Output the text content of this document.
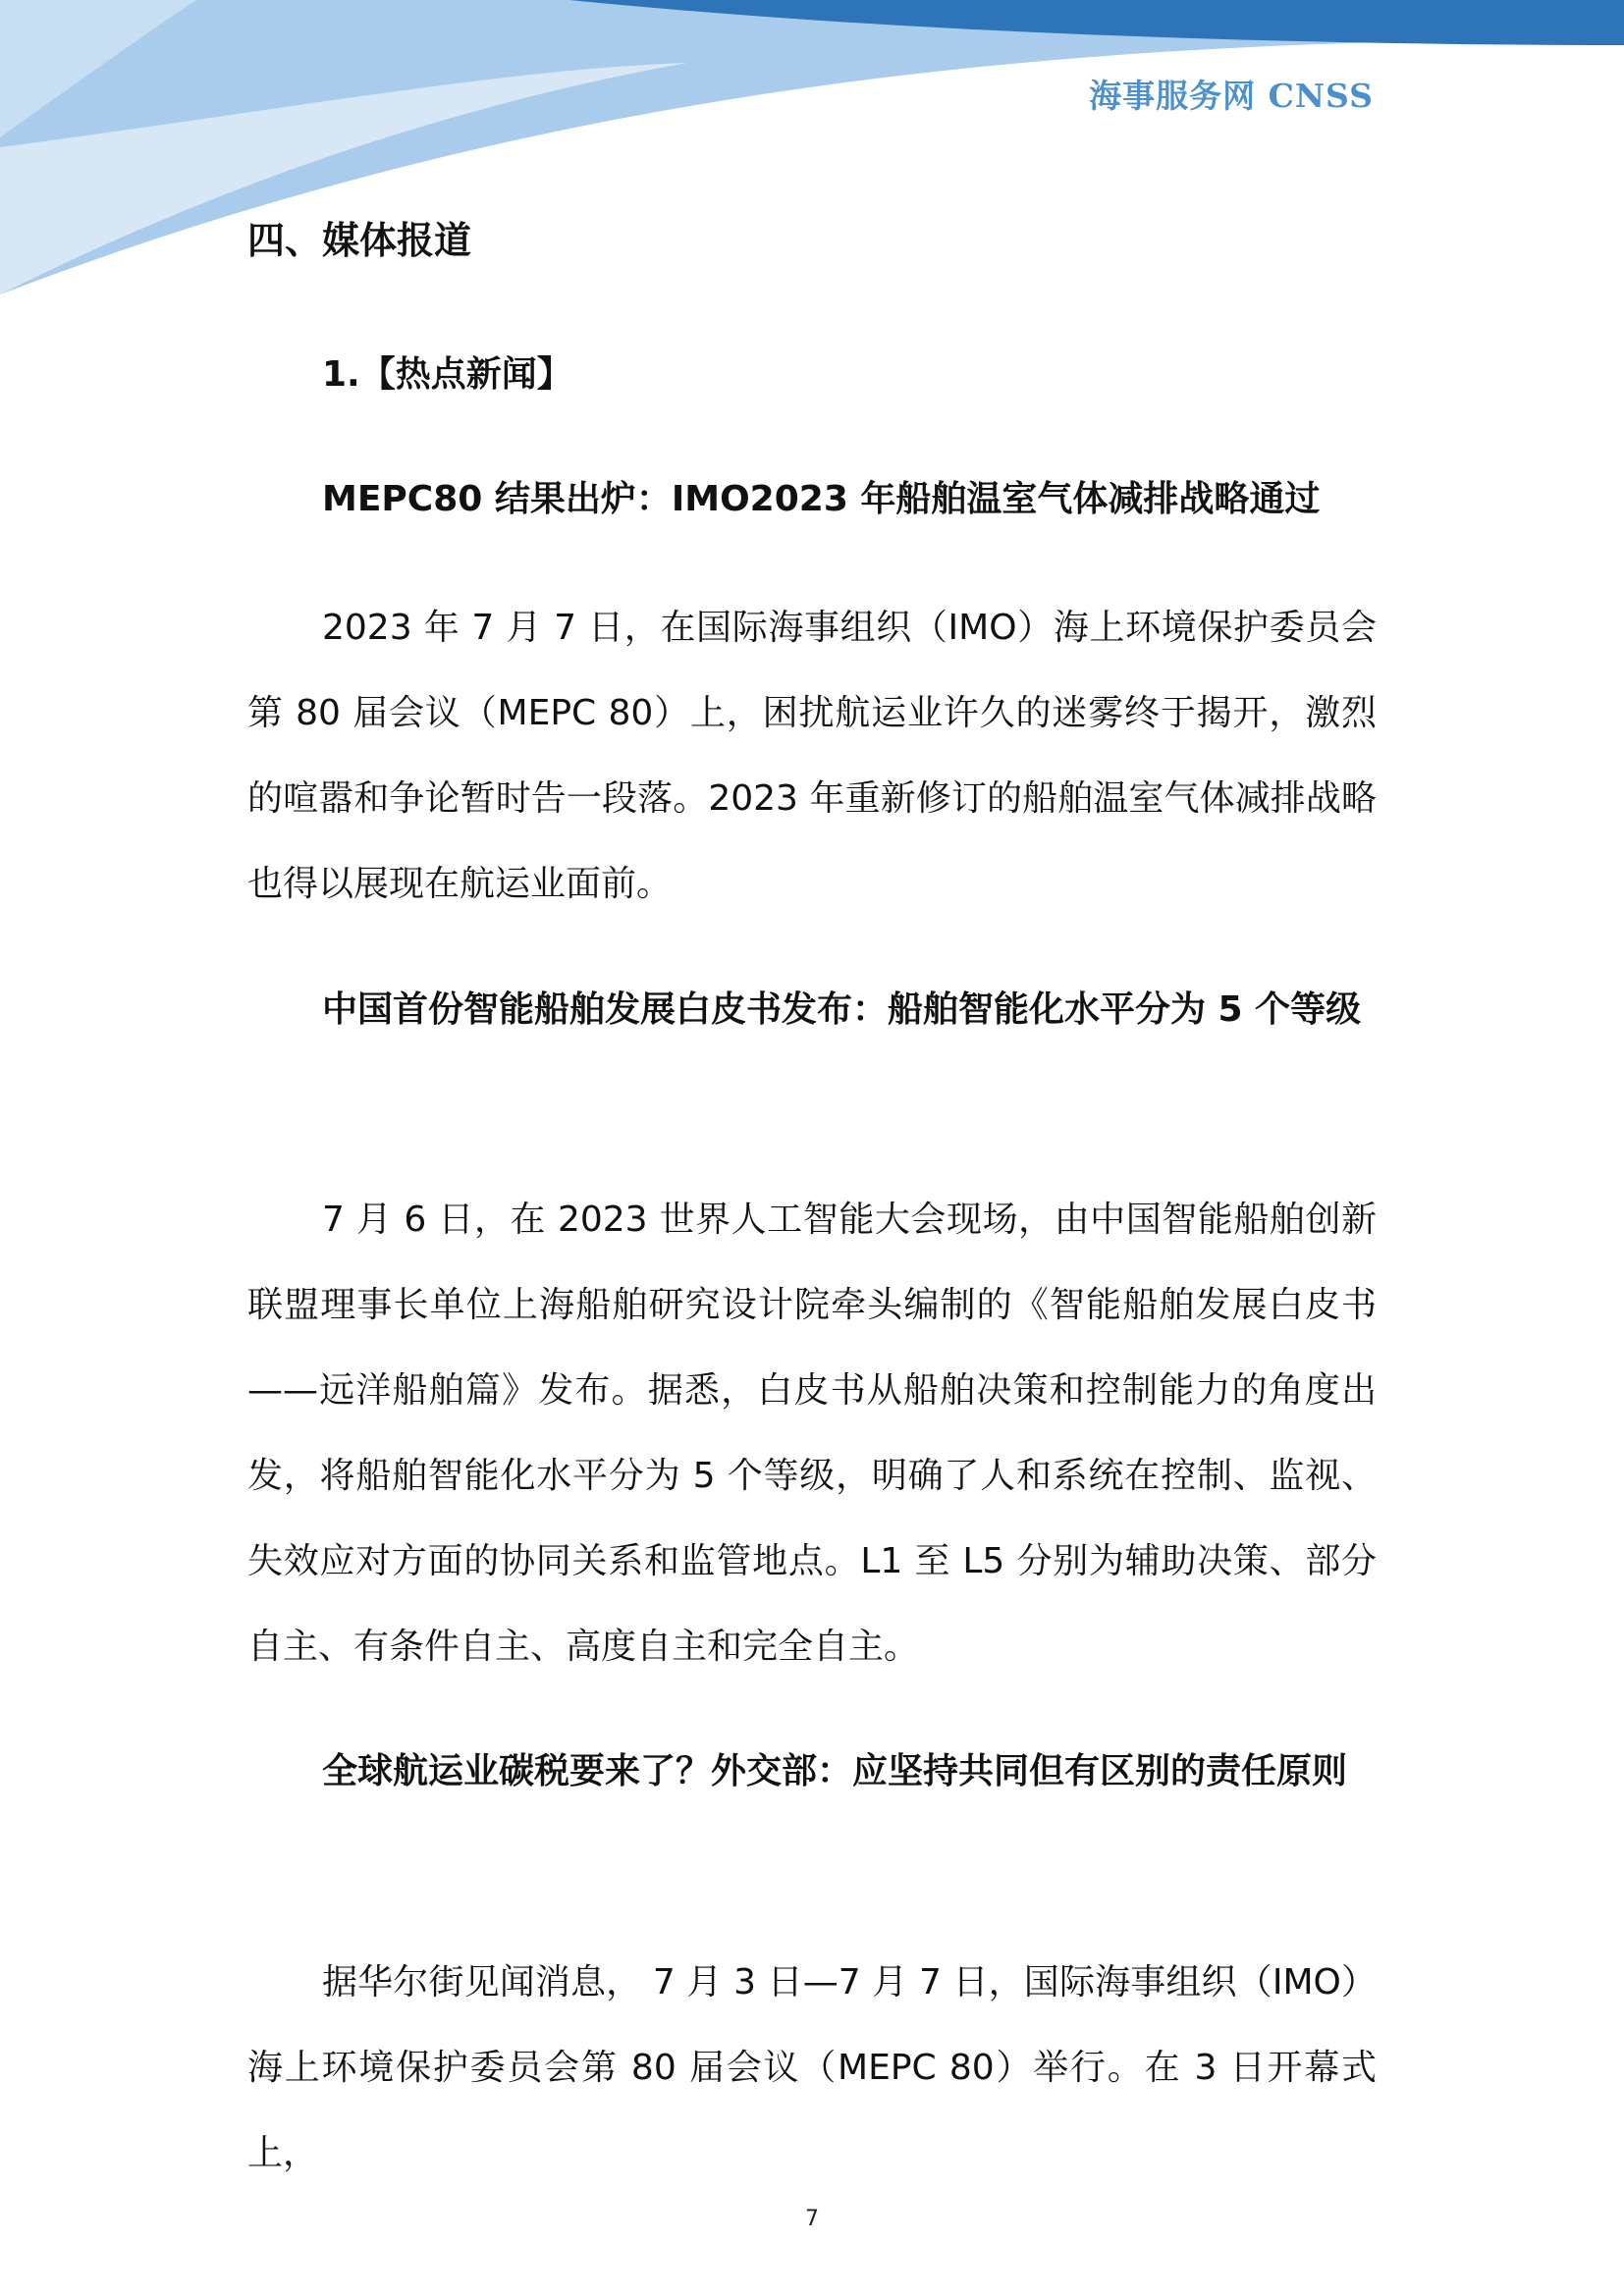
海事服务网 CNSS
四、媒体报道
1.【热点新闻】
MEPC80 结果出炉：IMO2023 年船舶温室气体减排战略通过
2023 年 7 月 7 日，在国际海事组织（IMO）海上环境保护委员会第 80 届会议（MEPC 80）上，困扰航运业许久的迷雾终于揭开，激烈的喧嚣和争论暂时告一段落。2023 年重新修订的船舶温室气体减排战略也得以展现在航运业面前。
中国首份智能船舶发展白皮书发布：船舶智能化水平分为 5 个等级
7 月 6 日，在 2023 世界人工智能大会现场，由中国智能船舶创新联盟理事长单位上海船舶研究设计院牵头编制的《智能船舶发展白皮书——远洋船舶篇》发布。据悉，白皮书从船舶决策和控制能力的角度出发，将船舶智能化水平分为 5 个等级，明确了人和系统在控制、监视、失效应对方面的协同关系和监管地点。L1 至 L5 分别为辅助决策、部分自主、有条件自主、高度自主和完全自主。
全球航运业碳税要来了？外交部：应坚持共同但有区别的责任原则
据华尔街见闻消息， 7 月 3 日—7 月 7 日，国际海事组织（IMO）海上环境保护委员会第 80 届会议（MEPC 80）举行。在 3 日开幕式上，
7
